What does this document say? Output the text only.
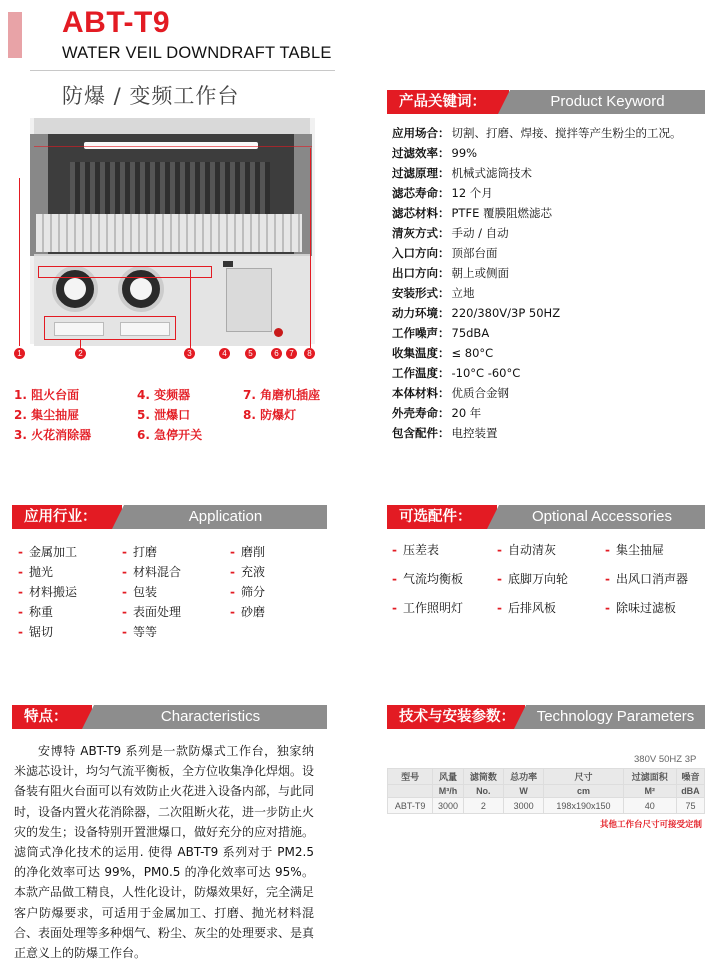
ABT-T9
WATER VEIL DOWNDRAFT TABLE
防爆 / 变频工作台
1	2	3	4	5	6	7	8
1. 阻火台面	4. 变频器	7. 角磨机插座
2. 集尘抽屉	5. 泄爆口	8. 防爆灯
3. 火花消除器	6. 急停开关
产品关键词：	Product Keyword
应用场合： 切割、打磨、焊接、搅拌等产生粉尘的工况。
过滤效率： 99%
过滤原理： 机械式滤筒技术
滤芯寿命： 12 个月
滤芯材料： PTFE 覆膜阻燃滤芯
清灰方式： 手动 / 自动
入口方向： 顶部台面
出口方向： 朝上或侧面
安装形式： 立地
动力环境： 220/380V/3P 50HZ
工作噪声： 75dBA
收集温度： ≤ 80°C
工作温度： -10°C -60°C
本体材料： 优质合金钢
外壳寿命： 20 年
包含配件： 电控装置
应用行业：	Application
- 金属加工	- 打磨	- 磨削
- 抛光	- 材料混合	- 充液
- 材料搬运	- 包装	- 筛分
- 称重	- 表面处理	- 砂磨
- 锯切	- 等等
可选配件：	Optional Accessories
- 压差表	- 自动清灰	- 集尘抽屉
- 气流均衡板	- 底脚万向轮	- 出风口消声器
- 工作照明灯	- 后排风板	- 除味过滤板
特点：	Characteristics

安博特 ABT-T9 系列是一款防爆式工作台，独家纳米滤芯设计，均匀气流平衡板，全方位收集净化焊烟。设备装有阻火台面可以有效防止火花进入设备内部，与此同时，设备内置火花消除器，二次阻断火花，进一步防止火灾的发生；设备特别开置泄爆口，做好充分的应对措施。滤筒式净化技术的运用. 使得 ABT-T9 系列对于 PM2.5 的净化效率可达 99%，PM0.5 的净化效率可达 95%。本款产品做工精良，人性化设计，防爆效果好，完全满足客户防爆要求，可适用于金属加工、打磨、抛光材料混合、表面处理等多种烟气、粉尘、灰尘的处理要求、是真正意义上的防爆工作台。

技术与安装参数：	Technology Parameters
380V 50HZ 3P
型号	风量	滤筒数	总功率	尺寸	过滤面积	噪音
	M³/h	No.	W	cm	M²	dBA
ABT-T9	3000	2	3000	198x190x150	40	75
其他工作台尺寸可接受定制
